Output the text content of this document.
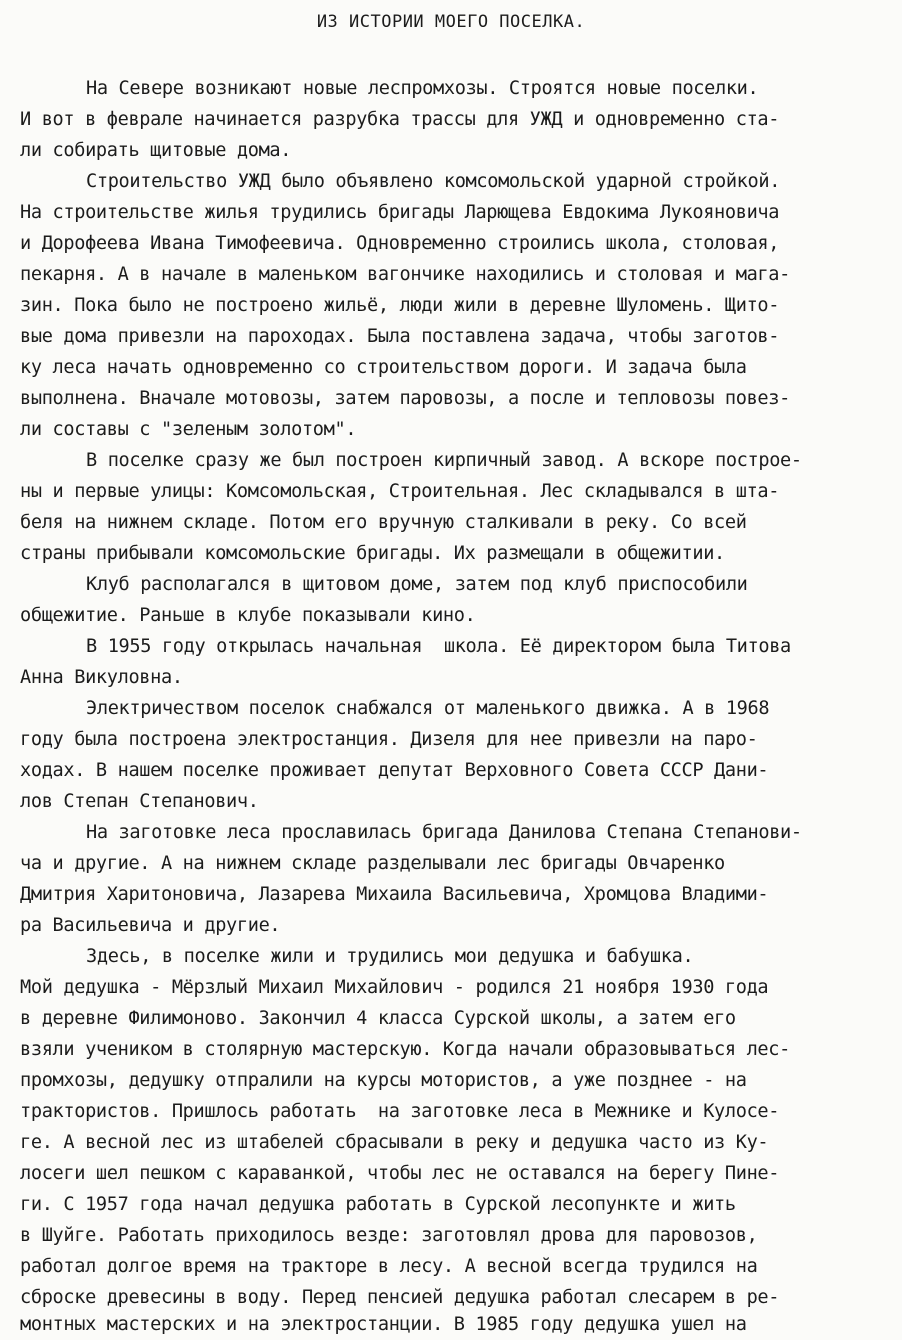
ИЗ ИСТОРИИ МОЕГО ПОСЕЛКА.
На Севере возникают новые леспромхозы. Строятся новые поселки.
И вот в феврале начинается разрубка трассы для УЖД и одновременно ста-
ли собирать щитовые дома.
Строительство УЖД было объявлено комсомольской ударной стройкой.
На строительстве жилья трудились бригады Ларющева Евдокима Лукояновича
и Дорофеева Ивана Тимофеевича. Одновременно строились школа, столовая,
пекарня. А в начале в маленьком вагончике находились и столовая и мага-
зин. Пока было не построено жильё, люди жили в деревне Шуломень. Щито-
вые дома привезли на пароходах. Была поставлена задача, чтобы заготов-
ку леса начать одновременно со строительством дороги. И задача была
выполнена. Вначале мотовозы, затем паровозы, а после и тепловозы повез-
ли составы с "зеленым золотом".
В поселке сразу же был построен кирпичный завод. А вскоре построе-
ны и первые улицы: Комсомольская, Строительная. Лес складывался в шта-
беля на нижнем складе. Потом его вручную сталкивали в реку. Со всей
страны прибывали комсомольские бригады. Их размещали в общежитии.
Клуб располагался в щитовом доме, затем под клуб приспособили
общежитие. Раньше в клубе показывали кино.
В 1955 году открылась начальная  школа. Её директором была Титова
Анна Викуловна.
Электричеством поселок снабжался от маленького движка. А в 1968
году была построена электростанция. Дизеля для нее привезли на паро-
ходах. В нашем поселке проживает депутат Верховного Совета СССР Дани-
лов Степан Степанович.
На заготовке леса прославилась бригада Данилова Степана Степанови-
ча и другие. А на нижнем складе разделывали лес бригады Овчаренко
Дмитрия Харитоновича, Лазарева Михаила Васильевича, Хромцова Владими-
ра Васильевича и другие.
Здесь, в поселке жили и трудились мои дедушка и бабушка.
Мой дедушка - Мёрзлый Михаил Михайлович - родился 21 ноября 1930 года
в деревне Филимоново. Закончил 4 класса Сурской школы, а затем его
взяли учеником в столярную мастерскую. Когда начали образовываться лес-
промхозы, дедушку отпралили на курсы мотористов, а уже позднее - на
трактористов. Пришлось работать  на заготовке леса в Межнике и Кулосе-
ге. А весной лес из штабелей сбрасывали в реку и дедушка часто из Ку-
лосеги шел пешком с караванкой, чтобы лес не оставался на берегу Пине-
ги. С 1957 года начал дедушка работать в Сурской лесопункте и жить
в Шуйге. Работать приходилось везде: заготовлял дрова для паровозов,
работал долгое время на тракторе в лесу. А весной всегда трудился на
сброске древесины в воду. Перед пенсией дедушка работал слесарем в ре-
монтных мастерских и на электростанции. В 1985 году дедушка ушел на
